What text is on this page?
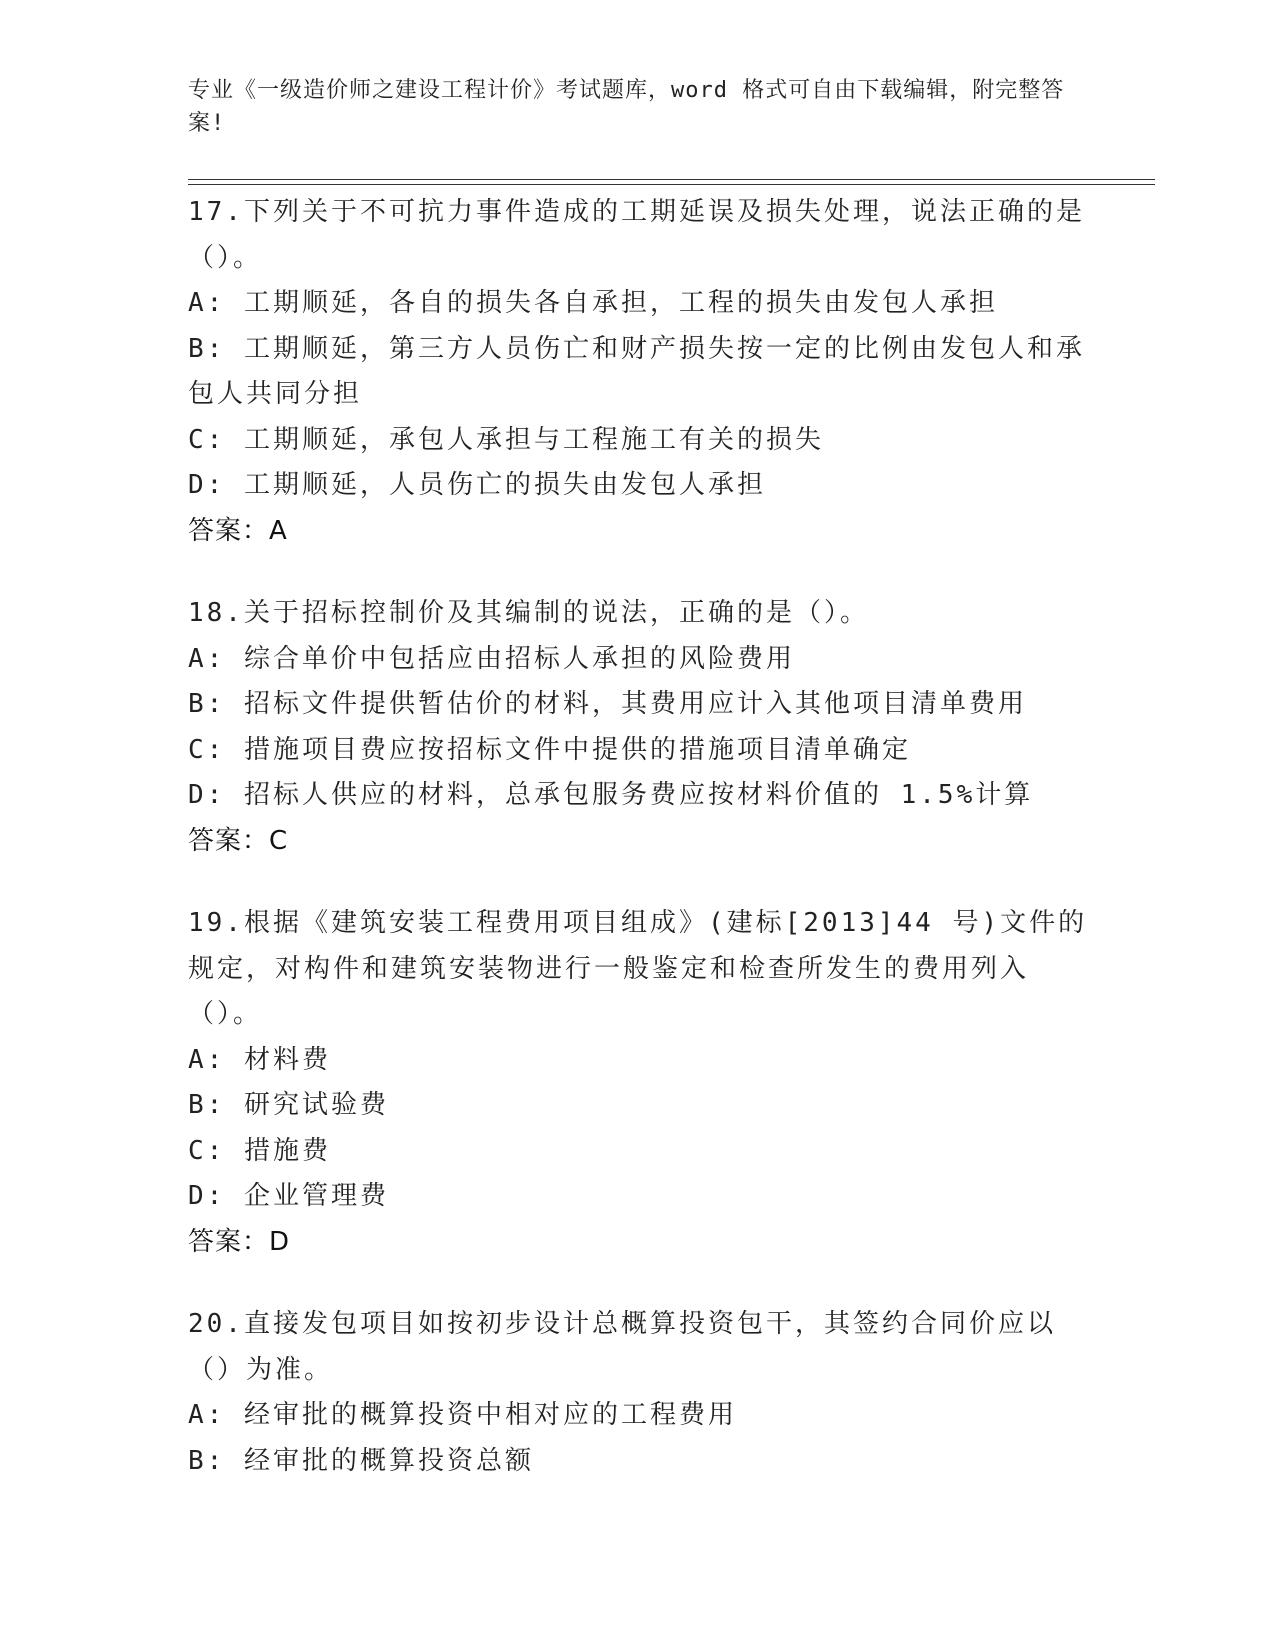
专业《一级造价师之建设工程计价》考试题库，word 格式可自由下载编辑，附完整答案!
17.下列关于不可抗力事件造成的工期延误及损失处理，说法正确的是（）。
A: 工期顺延，各自的损失各自承担，工程的损失由发包人承担
B: 工期顺延，第三方人员伤亡和财产损失按一定的比例由发包人和承包人共同分担
C: 工期顺延，承包人承担与工程施工有关的损失
D: 工期顺延，人员伤亡的损失由发包人承担
答案：A
18.关于招标控制价及其编制的说法，正确的是（）。
A: 综合单价中包括应由招标人承担的风险费用
B: 招标文件提供暂估价的材料，其费用应计入其他项目清单费用
C: 措施项目费应按招标文件中提供的措施项目清单确定
D: 招标人供应的材料，总承包服务费应按材料价值的 1.5%计算
答案：C
19.根据《建筑安装工程费用项目组成》(建标[2013]44 号)文件的规定，对构件和建筑安装物进行一般鉴定和检查所发生的费用列入（）。
A: 材料费
B: 研究试验费
C: 措施费
D: 企业管理费
答案：D
20.直接发包项目如按初步设计总概算投资包干，其签约合同价应以（）为准。
A: 经审批的概算投资中相对应的工程费用
B: 经审批的概算投资总额
